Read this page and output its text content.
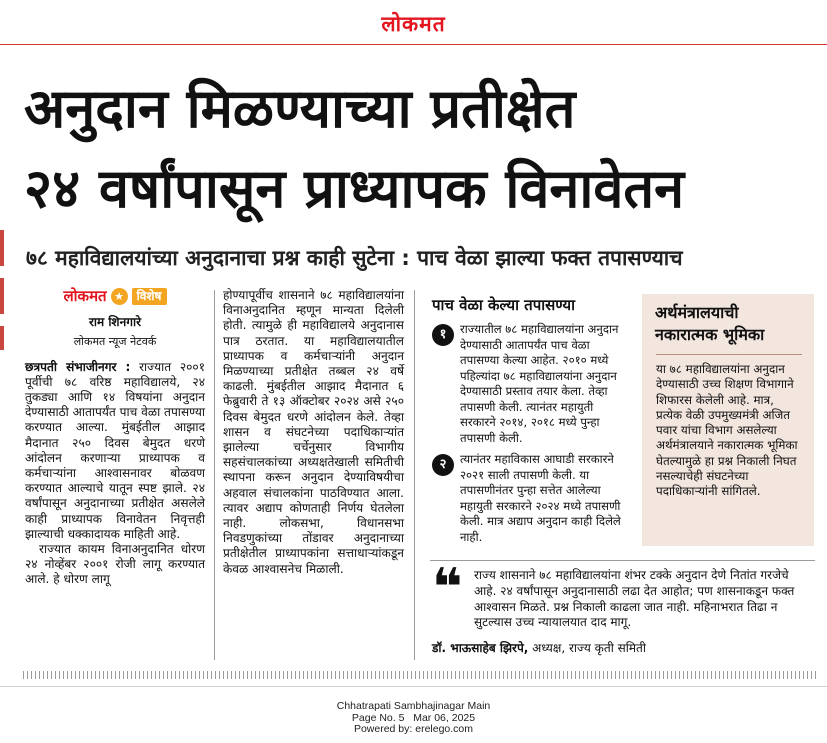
लोकमत
अनुदान मिळण्याच्या प्रतीक्षेत
२४ वर्षांपासून प्राध्यापक विनावेतन
७८ महाविद्यालयांच्या अनुदानाचा प्रश्न काही सुटेना : पाच वेळा झाल्या फक्त तपासण्याच
लोकमत ★	विशेष
राम शिनगारे
लोकमत न्यूज नेटवर्क
छत्रपती संभाजीनगर : राज्यात २००१ पूर्वीची ७८ वरिष्ठ महाविद्यालये, २४ तुकड्या आणि १४ विषयांना अनुदान देण्यासाठी आतापर्यंत पाच वेळा तपासण्या करण्यात आल्या. मुंबईतील आझाद मैदानात २५० दिवस बेमुदत धरणे आंदोलन करणाऱ्या प्राध्यापक व कर्मचाऱ्यांना आश्वासनावर बोळवण करण्यात आल्याचे यातून स्पष्ट झाले. २४ वर्षांपासून अनुदानाच्या प्रतीक्षेत असलेले काही प्राध्यापक विनावेतन निवृत्तही झाल्याची धक्कादायक माहिती आहे.
राज्यात कायम विनाअनुदानित धोरण २४ नोव्हेंबर २००१ रोजी लागू करण्यात आले. हे धोरण लागू
होण्यापूर्वीच शासनाने ७८ महाविद्यालयांना विनाअनुदानित म्हणून मान्यता दिलेली होती. त्यामुळे ही महाविद्यालये अनुदानास पात्र ठरतात. या महाविद्यालयातील प्राध्यापक व कर्मचाऱ्यांनी अनुदान मिळण्याच्या प्रतीक्षेत तब्बल २४ वर्षे काढली. मुंबईतील आझाद मैदानात ६ फेब्रुवारी ते १३ ऑक्टोबर २०२४ असे २५० दिवस बेमुदत धरणे आंदोलन केले. तेव्हा शासन व संघटनेच्या पदाधिकाऱ्यांत झालेल्या चर्चेनुसार विभागीय सहसंचालकांच्या अध्यक्षतेखाली समितीची स्थापना करून अनुदान देण्याविषयीचा अहवाल संचालकांना पाठविण्यात आला. त्यावर अद्याप कोणताही निर्णय घेतलेला नाही. लोकसभा, विधानसभा निवडणुकांच्या तोंडावर अनुदानाच्या प्रतीक्षेतील प्राध्यापकांना सत्ताधाऱ्यांकडून केवळ आश्वासनेच मिळाली.
पाच वेळा केल्या तपासण्या
१	राज्यातील ७८ महाविद्यालयांना अनुदान देण्यासाठी आतापर्यंत पाच वेळा तपासण्या केल्या आहेत. २०१० मध्ये पहिल्यांदा ७८ महाविद्यालयांना अनुदान देण्यासाठी प्रस्ताव तयार केला. तेव्हा तपासणी केली. त्यानंतर महायुती सरकारने २०१४, २०१८ मध्ये पुन्हा तपासणी केली.
२	त्यानंतर महाविकास आघाडी सरकारने २०२१ साली तपासणी केली. या तपासणीनंतर पुन्हा सत्तेत आलेल्या महायुती सरकारने २०२४ मध्ये तपासणी केली. मात्र अद्याप अनुदान काही दिलेले नाही.
अर्थमंत्रालयाची नकारात्मक भूमिका
या ७८ महाविद्यालयांना अनुदान देण्यासाठी उच्च शिक्षण विभागाने शिफारस केलेली आहे. मात्र, प्रत्येक वेळी उपमुख्यमंत्री अजित पवार यांचा विभाग असलेल्या अर्थमंत्रालयाने नकारात्मक भूमिका घेतल्यामुळे हा प्रश्न निकाली निघत नसल्याचेही संघटनेच्या पदाधिकाऱ्यांनी सांगितले.
❝ राज्य शासनाने ७८ महाविद्यालयांना शंभर टक्के अनुदान देणे नितांत गरजेचे आहे. २४ वर्षांपासून अनुदानासाठी लढा देत आहोत; पण शासनाकडून फक्त आश्वासन मिळते. प्रश्न निकाली काढला जात नाही. महिनाभरात तिढा न सुटल्यास उच्च न्यायालयात दाद मागू.
डॉ. भाऊसाहेब झिरपे, अध्यक्ष, राज्य कृती समिती
Chhatrapati Sambhajinagar Main
Page No. 5 Mar 06, 2025
Powered by: erelego.com
